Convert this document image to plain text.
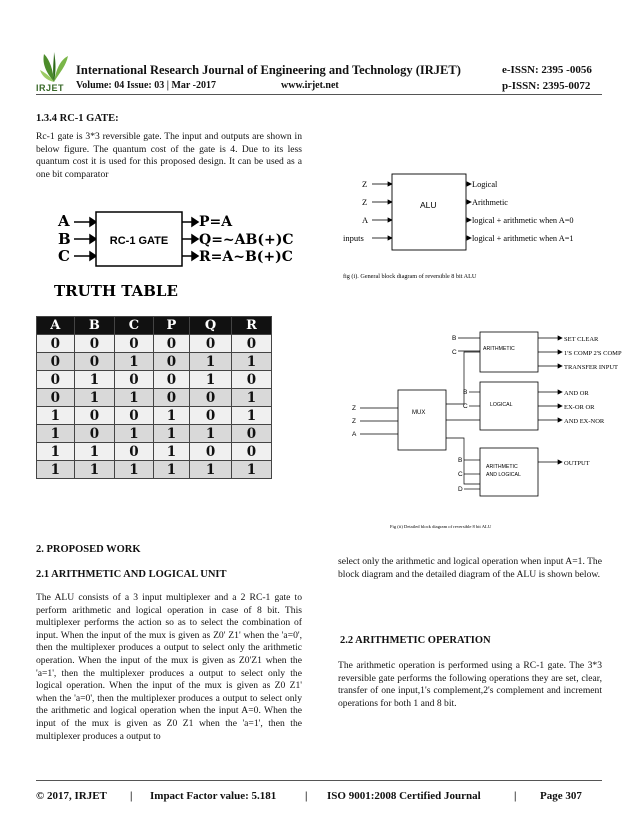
IRJET
International Research Journal of Engineering and Technology (IRJET)	e-ISSN: 2395 -0056
Volume: 04 Issue: 03 | Mar -2017	www.irjet.net	p-ISSN: 2395-0072
1.3.4 RC-1 GATE:
Rc-1 gate is 3*3 reversible gate. The input and outputs are shown in below figure. The quantum cost of the gate is 4. Due to its less quantum cost it is used for this proposed design. It can be used as a one bit comparator
A
B
C
RC-1 GATE
P=A
Q=~AB(+)C
R=A~B(+)C
TRUTH TABLE
A	B	C	P	Q	R
0	0	0	0	0	0
0	0	1	0	1	1
0	1	0	0	1	0
0	1	1	0	0	1
1	0	0	1	0	1
1	0	1	1	1	0
1	1	0	1	0	0
1	1	1	1	1	1
Z
Z
A
inputs
ALU
Logical
Arithmetic
logical + arithmetic when A=0
logical + arithmetic when A=1
fig (i). General block diagram of reversible 8 bit ALU
B
C	ARITHMETIC
SET CLEAR
1'S COMP 2'S COMP
TRANSFER INPUT
Z
Z
A
MUX
B
C	LOGICAL
AND OR
EX-OR OR
AND EX-NOR
B
C
D
ARITHMETIC
AND LOGICAL
OUTPUT
Fig (ii) Detailed block diagram of reversible 8 bit ALU
2. PROPOSED WORK
2.1 ARITHMETIC AND LOGICAL UNIT
The ALU consists of a 3 input multiplexer and a 2 RC-1 gate to perform arithmetic and logical operation in case of 8 bit. This multiplexer performs the action so as to select the combination of input. When the input of the mux is given as Z0' Z1' when the 'a=0', then the multiplexer produces a output to select only the arithmetic operation. When the input of the mux is given as Z0'Z1 when the 'a=1', then the multiplexer produces a output to select only the logical operation. When the input of the mux is given as Z0 Z1' when the 'a=0', then the multiplexer produces a output to select only the arithmetic and logical operation when the input A=0. When the input of the mux is given as Z0 Z1 when the 'a=1', then the multiplexer produces a output to
select only the arithmetic and logical operation when input A=1. The block diagram and the detailed diagram of the ALU is shown below.
2.2 ARITHMETIC OPERATION
The arithmetic operation is performed using a RC-1 gate. The 3*3 reversible gate performs the following operations they are set, clear, transfer of one input,1's complement,2's complement and increment operations for both 1 and 8 bit.
© 2017, IRJET | Impact Factor value: 5.181	| ISO 9001:2008 Certified Journal	| Page 307
